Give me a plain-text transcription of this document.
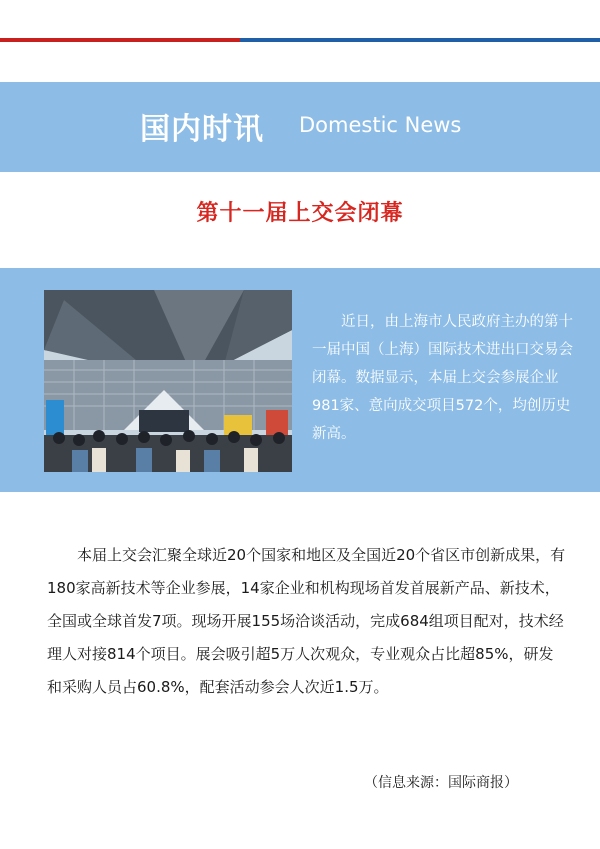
国内时讯 Domestic News
第十一届上交会闭幕
近日，由上海市人民政府主办的第十一届中国（上海）国际技术进出口交易会闭幕。数据显示，本届上交会参展企业981家、意向成交项目572个，均创历史新高。
本届上交会汇聚全球近20个国家和地区及全国近20个省区市创新成果，有180家高新技术等企业参展，14家企业和机构现场首发首展新产品、新技术，全国或全球首发7项。现场开展155场洽谈活动，完成684组项目配对，技术经理人对接814个项目。展会吸引超5万人次观众，专业观众占比超85%，研发和采购人员占60.8%，配套活动参会人次近1.5万。
（信息来源：国际商报）
